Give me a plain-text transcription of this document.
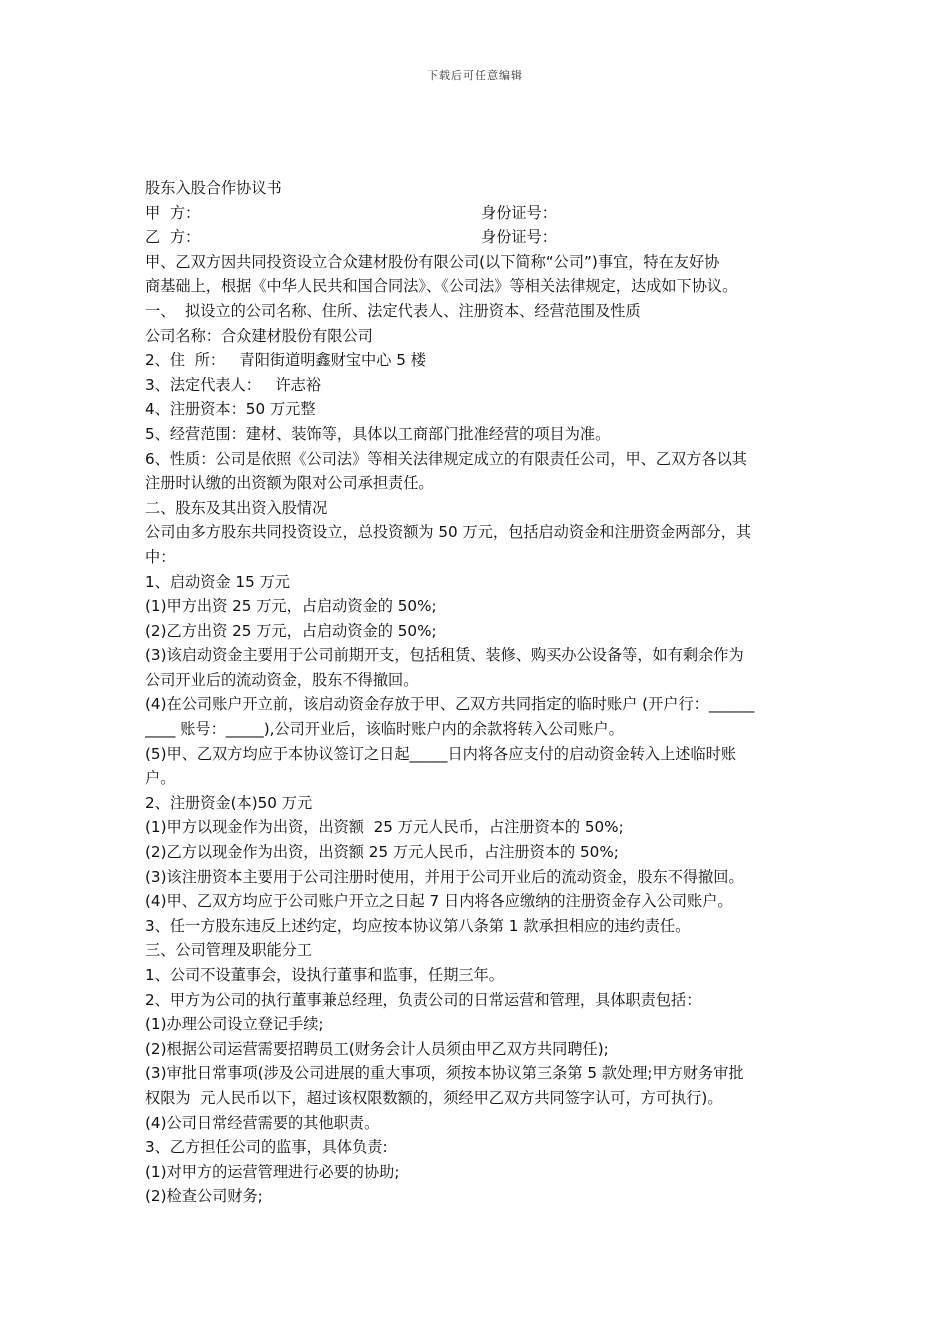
下载后可任意编辑
股东入股合作协议书
甲  方：	身份证号：
乙  方：	身份证号：
甲、乙双方因共同投资设立合众建材股份有限公司(以下简称“公司”)事宜，特在友好协
商基础上，根据《中华人民共和国合同法》、《公司法》等相关法律规定，达成如下协议。
一、  拟设立的公司名称、住所、法定代表人、注册资本、经营范围及性质
公司名称：合众建材股份有限公司
2、住  所：   青阳街道明鑫财宝中心 5 楼
3、法定代表人：   许志裕
4、注册资本：50 万元整
5、经营范围：建材、装饰等，具体以工商部门批准经营的项目为准。
6、性质：公司是依照《公司法》等相关法律规定成立的有限责任公司，甲、乙双方各以其
注册时认缴的出资额为限对公司承担责任。
二、股东及其出资入股情况
公司由多方股东共同投资设立，总投资额为 50 万元，包括启动资金和注册资金两部分，其
中：
1、启动资金 15 万元
(1)甲方出资 25 万元，占启动资金的 50%;
(2)乙方出资 25 万元，占启动资金的 50%;
(3)该启动资金主要用于公司前期开支，包括租赁、装修、购买办公设备等，如有剩余作为
公司开业后的流动资金，股东不得撤回。
(4)在公司账户开立前，该启动资金存放于甲、乙双方共同指定的临时账户 (开户行：______
____ 账号：_____),公司开业后，该临时账户内的余款将转入公司账户。
(5)甲、乙双方均应于本协议签订之日起_____日内将各应支付的启动资金转入上述临时账
户。
2、注册资金(本)50 万元
(1)甲方以现金作为出资，出资额  25 万元人民币，占注册资本的 50%;
(2)乙方以现金作为出资，出资额 25 万元人民币，占注册资本的 50%;
(3)该注册资本主要用于公司注册时使用，并用于公司开业后的流动资金，股东不得撤回。
(4)甲、乙双方均应于公司账户开立之日起 7 日内将各应缴纳的注册资金存入公司账户。
3、任一方股东违反上述约定，均应按本协议第八条第 1 款承担相应的违约责任。
三、公司管理及职能分工
1、公司不设董事会，设执行董事和监事，任期三年。
2、甲方为公司的执行董事兼总经理，负责公司的日常运营和管理，具体职责包括：
(1)办理公司设立登记手续;
(2)根据公司运营需要招聘员工(财务会计人员须由甲乙双方共同聘任);
(3)审批日常事项(涉及公司进展的重大事项，须按本协议第三条第 5 款处理;甲方财务审批
权限为  元人民币以下，超过该权限数额的，须经甲乙双方共同签字认可，方可执行)。
(4)公司日常经营需要的其他职责。
3、乙方担任公司的监事，具体负责:
(1)对甲方的运营管理进行必要的协助;
(2)检查公司财务;
